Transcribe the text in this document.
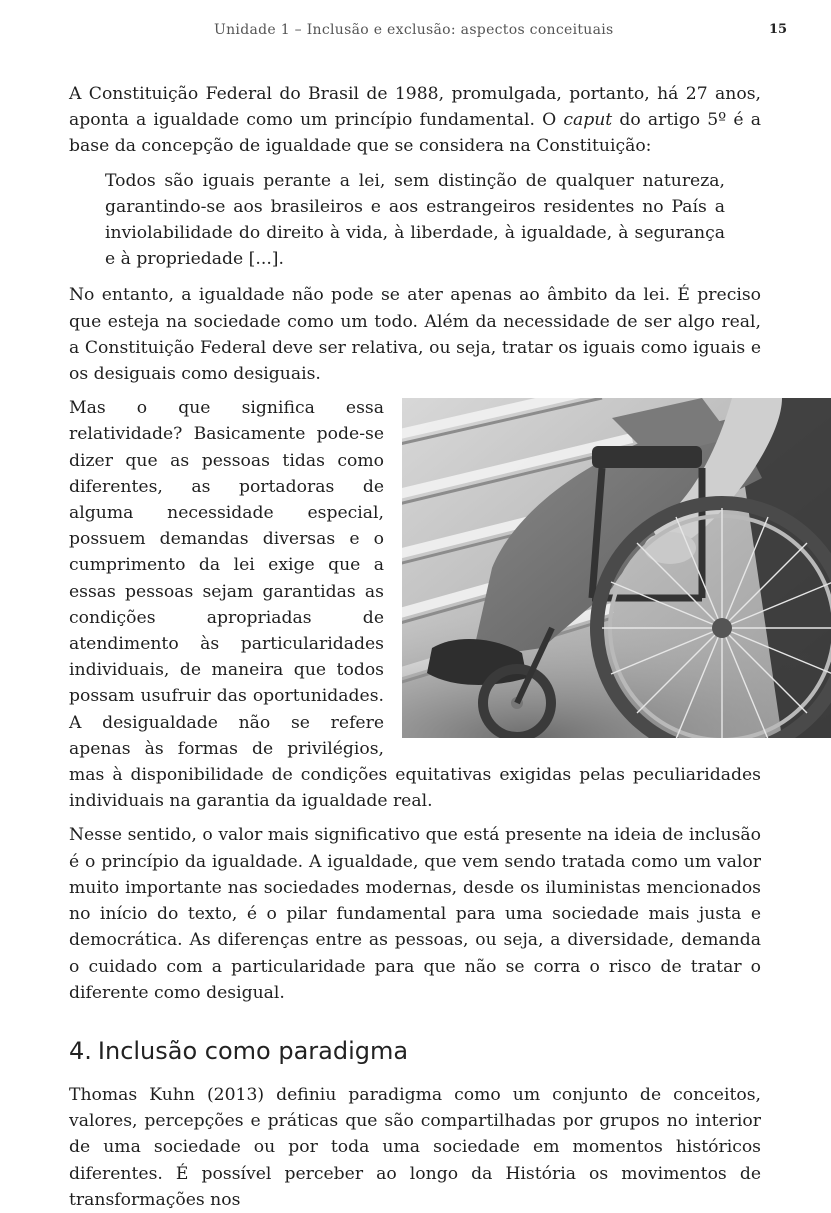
Unidade 1 – Inclusão e exclusão: aspectos conceituais	15

A Constituição Federal do Brasil de 1988, promulgada, portanto, há 27 anos, aponta a igualdade como um princípio fundamental. O caput do artigo 5º é a base da concepção de igualdade que se considera na Constituição:

Todos são iguais perante a lei, sem distinção de qualquer natureza, garantindo-se aos brasileiros e aos estrangeiros residentes no País a inviolabilidade do direito à vida, à liberdade, à igualdade, à segurança e à propriedade [...].

No entanto, a igualdade não pode se ater apenas ao âmbito da lei. É preciso que esteja na sociedade como um todo. Além da necessidade de ser algo real, a Constituição Federal deve ser relativa, ou seja, tratar os iguais como iguais e os desiguais como desiguais.

Mas o que significa essa relatividade? Basicamente pode-se dizer que as pessoas tidas como diferentes, as portadoras de alguma necessidade especial, possuem demandas diversas e o cumprimento da lei exige que a essas pessoas sejam garantidas as condições apropriadas de atendimento às particularidades individuais, de maneira que todos possam usufruir das oportunidades. A desigualdade não se refere apenas às formas de privilégios, mas à disponibilidade de condições equitativas exigidas pelas peculiaridades individuais na garantia da igualdade real.

Nesse sentido, o valor mais significativo que está presente na ideia de inclusão é o princípio da igualdade. A igualdade, que vem sendo tratada como um valor muito importante nas sociedades modernas, desde os iluministas mencionados no início do texto, é o pilar fundamental para uma sociedade mais justa e democrática. As diferenças entre as pessoas, ou seja, a diversidade, demanda o cuidado com a particularidade para que não se corra o risco de tratar o diferente como desigual.

4. Inclusão como paradigma

Thomas Kuhn (2013) definiu paradigma como um conjunto de conceitos, valores, percepções e práticas que são compartilhadas por grupos no interior de uma sociedade ou por toda uma sociedade em momentos históricos diferentes. É possível perceber ao longo da História os movimentos de transformações nos
